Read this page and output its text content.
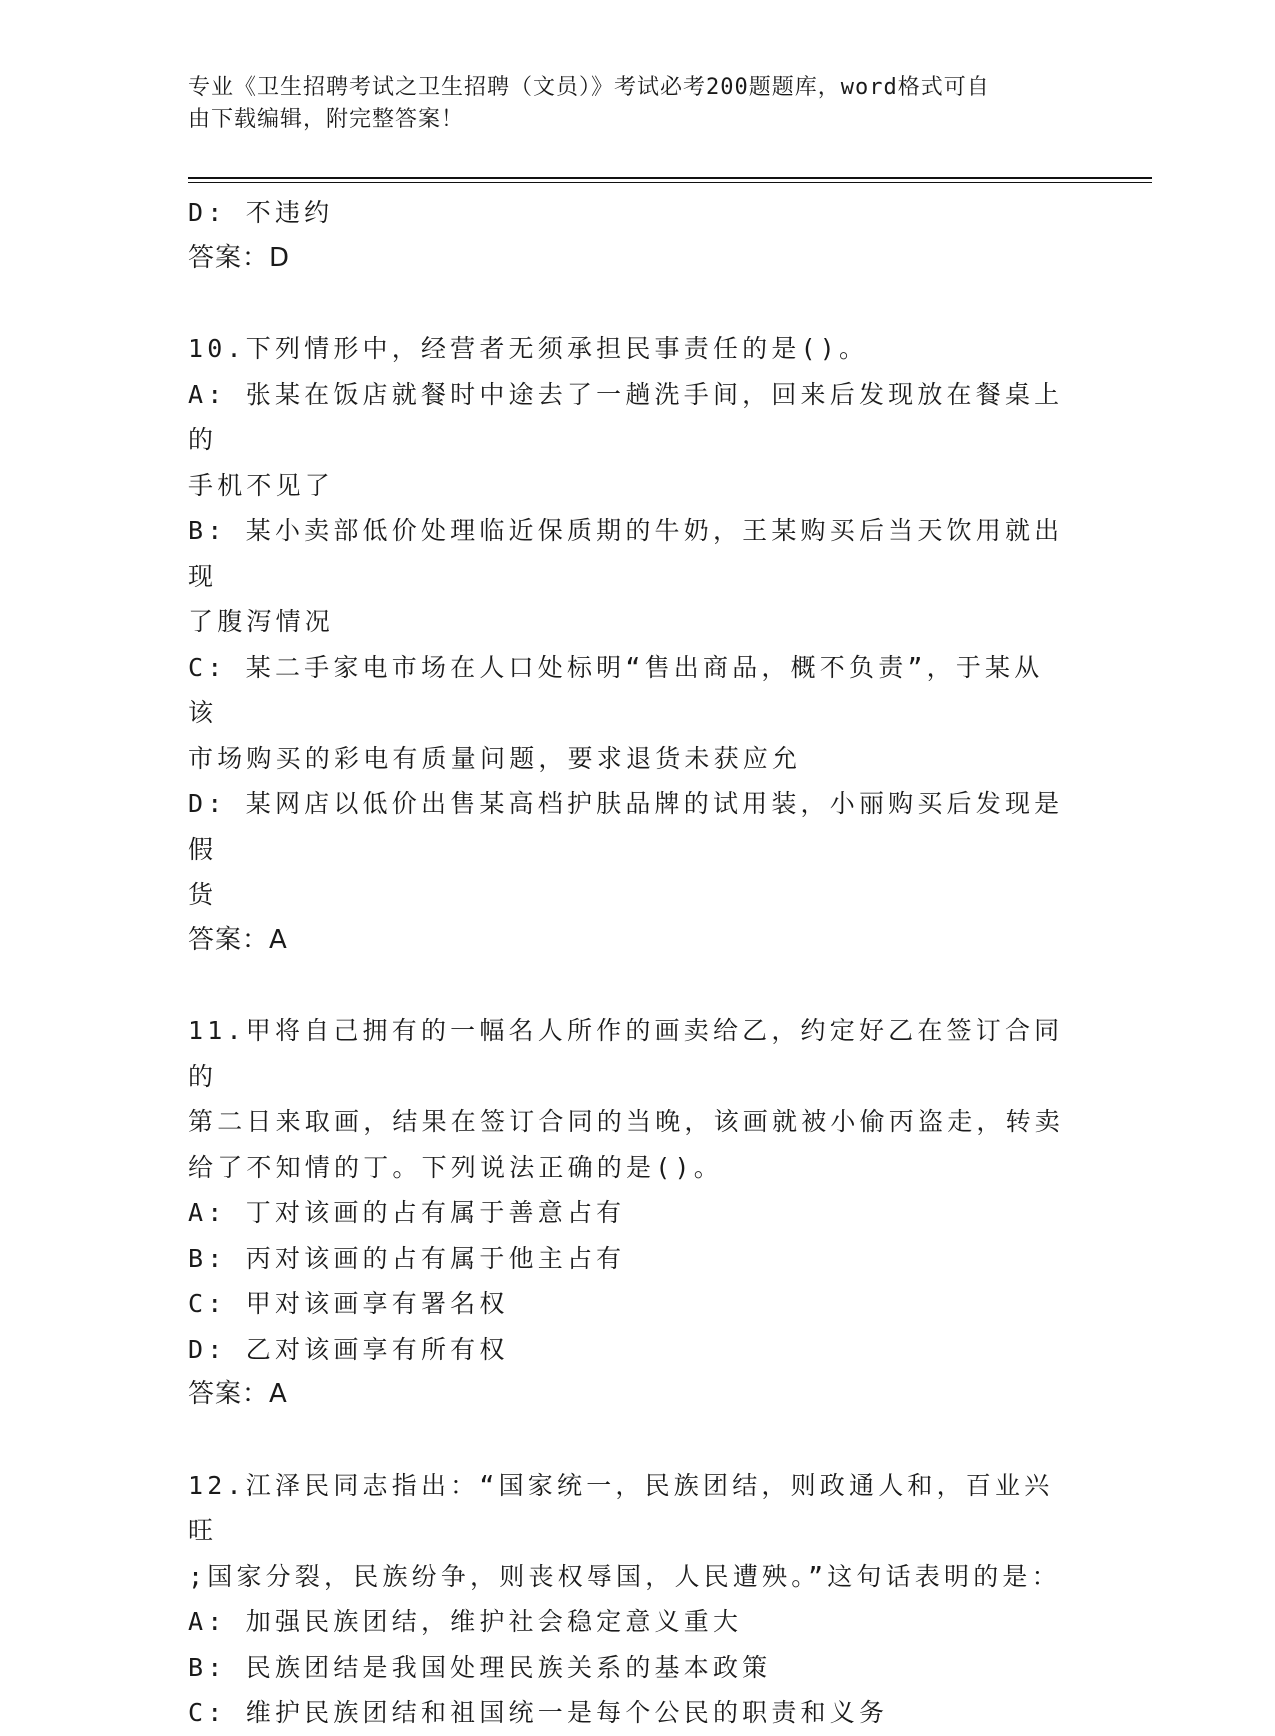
专业《卫生招聘考试之卫生招聘（文员）》考试必考200题题库，word格式可自
由下载编辑，附完整答案！
D: 不违约
答案：D
10.下列情形中，经营者无须承担民事责任的是()。
A: 张某在饭店就餐时中途去了一趟洗手间，回来后发现放在餐桌上的
手机不见了
B: 某小卖部低价处理临近保质期的牛奶，王某购买后当天饮用就出现
了腹泻情况
C: 某二手家电市场在人口处标明“售出商品，概不负责”，于某从该
市场购买的彩电有质量问题，要求退货未获应允
D: 某网店以低价出售某高档护肤品牌的试用装，小丽购买后发现是假
货
答案：A
11.甲将自己拥有的一幅名人所作的画卖给乙，约定好乙在签订合同的
第二日来取画，结果在签订合同的当晚，该画就被小偷丙盗走，转卖
给了不知情的丁。下列说法正确的是()。
A: 丁对该画的占有属于善意占有
B: 丙对该画的占有属于他主占有
C: 甲对该画享有署名权
D: 乙对该画享有所有权
答案：A
12.江泽民同志指出：“国家统一，民族团结，则政通人和，百业兴旺
;国家分裂，民族纷争，则丧权辱国，人民遭殃。”这句话表明的是：
A: 加强民族团结，维护社会稳定意义重大
B: 民族团结是我国处理民族关系的基本政策
C: 维护民族团结和祖国统一是每个公民的职责和义务
